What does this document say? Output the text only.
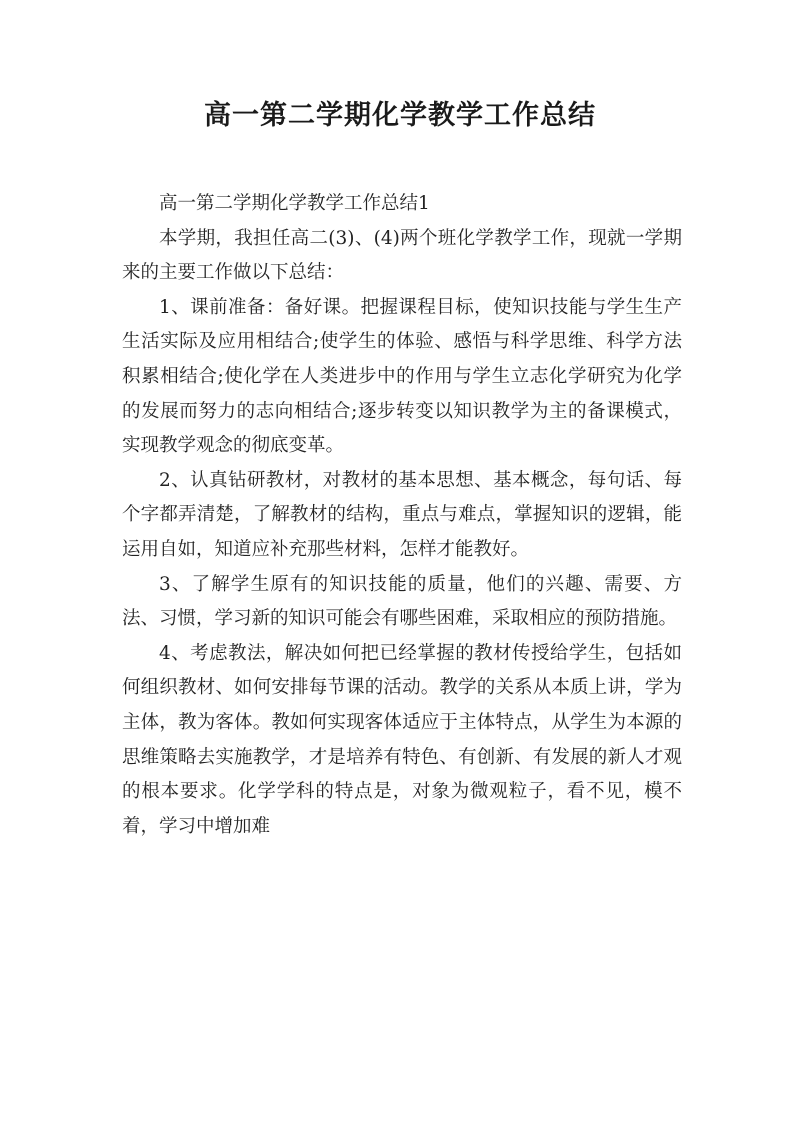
高一第二学期化学教学工作总结

高一第二学期化学教学工作总结1

本学期，我担任高二(3)、(4)两个班化学教学工作，现就一学期来的主要工作做以下总结：

1、课前准备：备好课。把握课程目标，使知识技能与学生生产生活实际及应用相结合;使学生的体验、感悟与科学思维、科学方法积累相结合;使化学在人类进步中的作用与学生立志化学研究为化学的发展而努力的志向相结合;逐步转变以知识教学为主的备课模式，实现教学观念的彻底变革。

2、认真钻研教材，对教材的基本思想、基本概念，每句话、每个字都弄清楚，了解教材的结构，重点与难点，掌握知识的逻辑，能运用自如，知道应补充那些材料，怎样才能教好。

3、了解学生原有的知识技能的质量，他们的兴趣、需要、方法、习惯，学习新的知识可能会有哪些困难，采取相应的预防措施。

4、考虑教法，解决如何把已经掌握的教材传授给学生，包括如何组织教材、如何安排每节课的活动。教学的关系从本质上讲，学为主体，教为客体。教如何实现客体适应于主体特点，从学生为本源的思维策略去实施教学，才是培养有特色、有创新、有发展的新人才观的根本要求。化学学科的特点是，对象为微观粒子，看不见，模不着，学习中增加难
